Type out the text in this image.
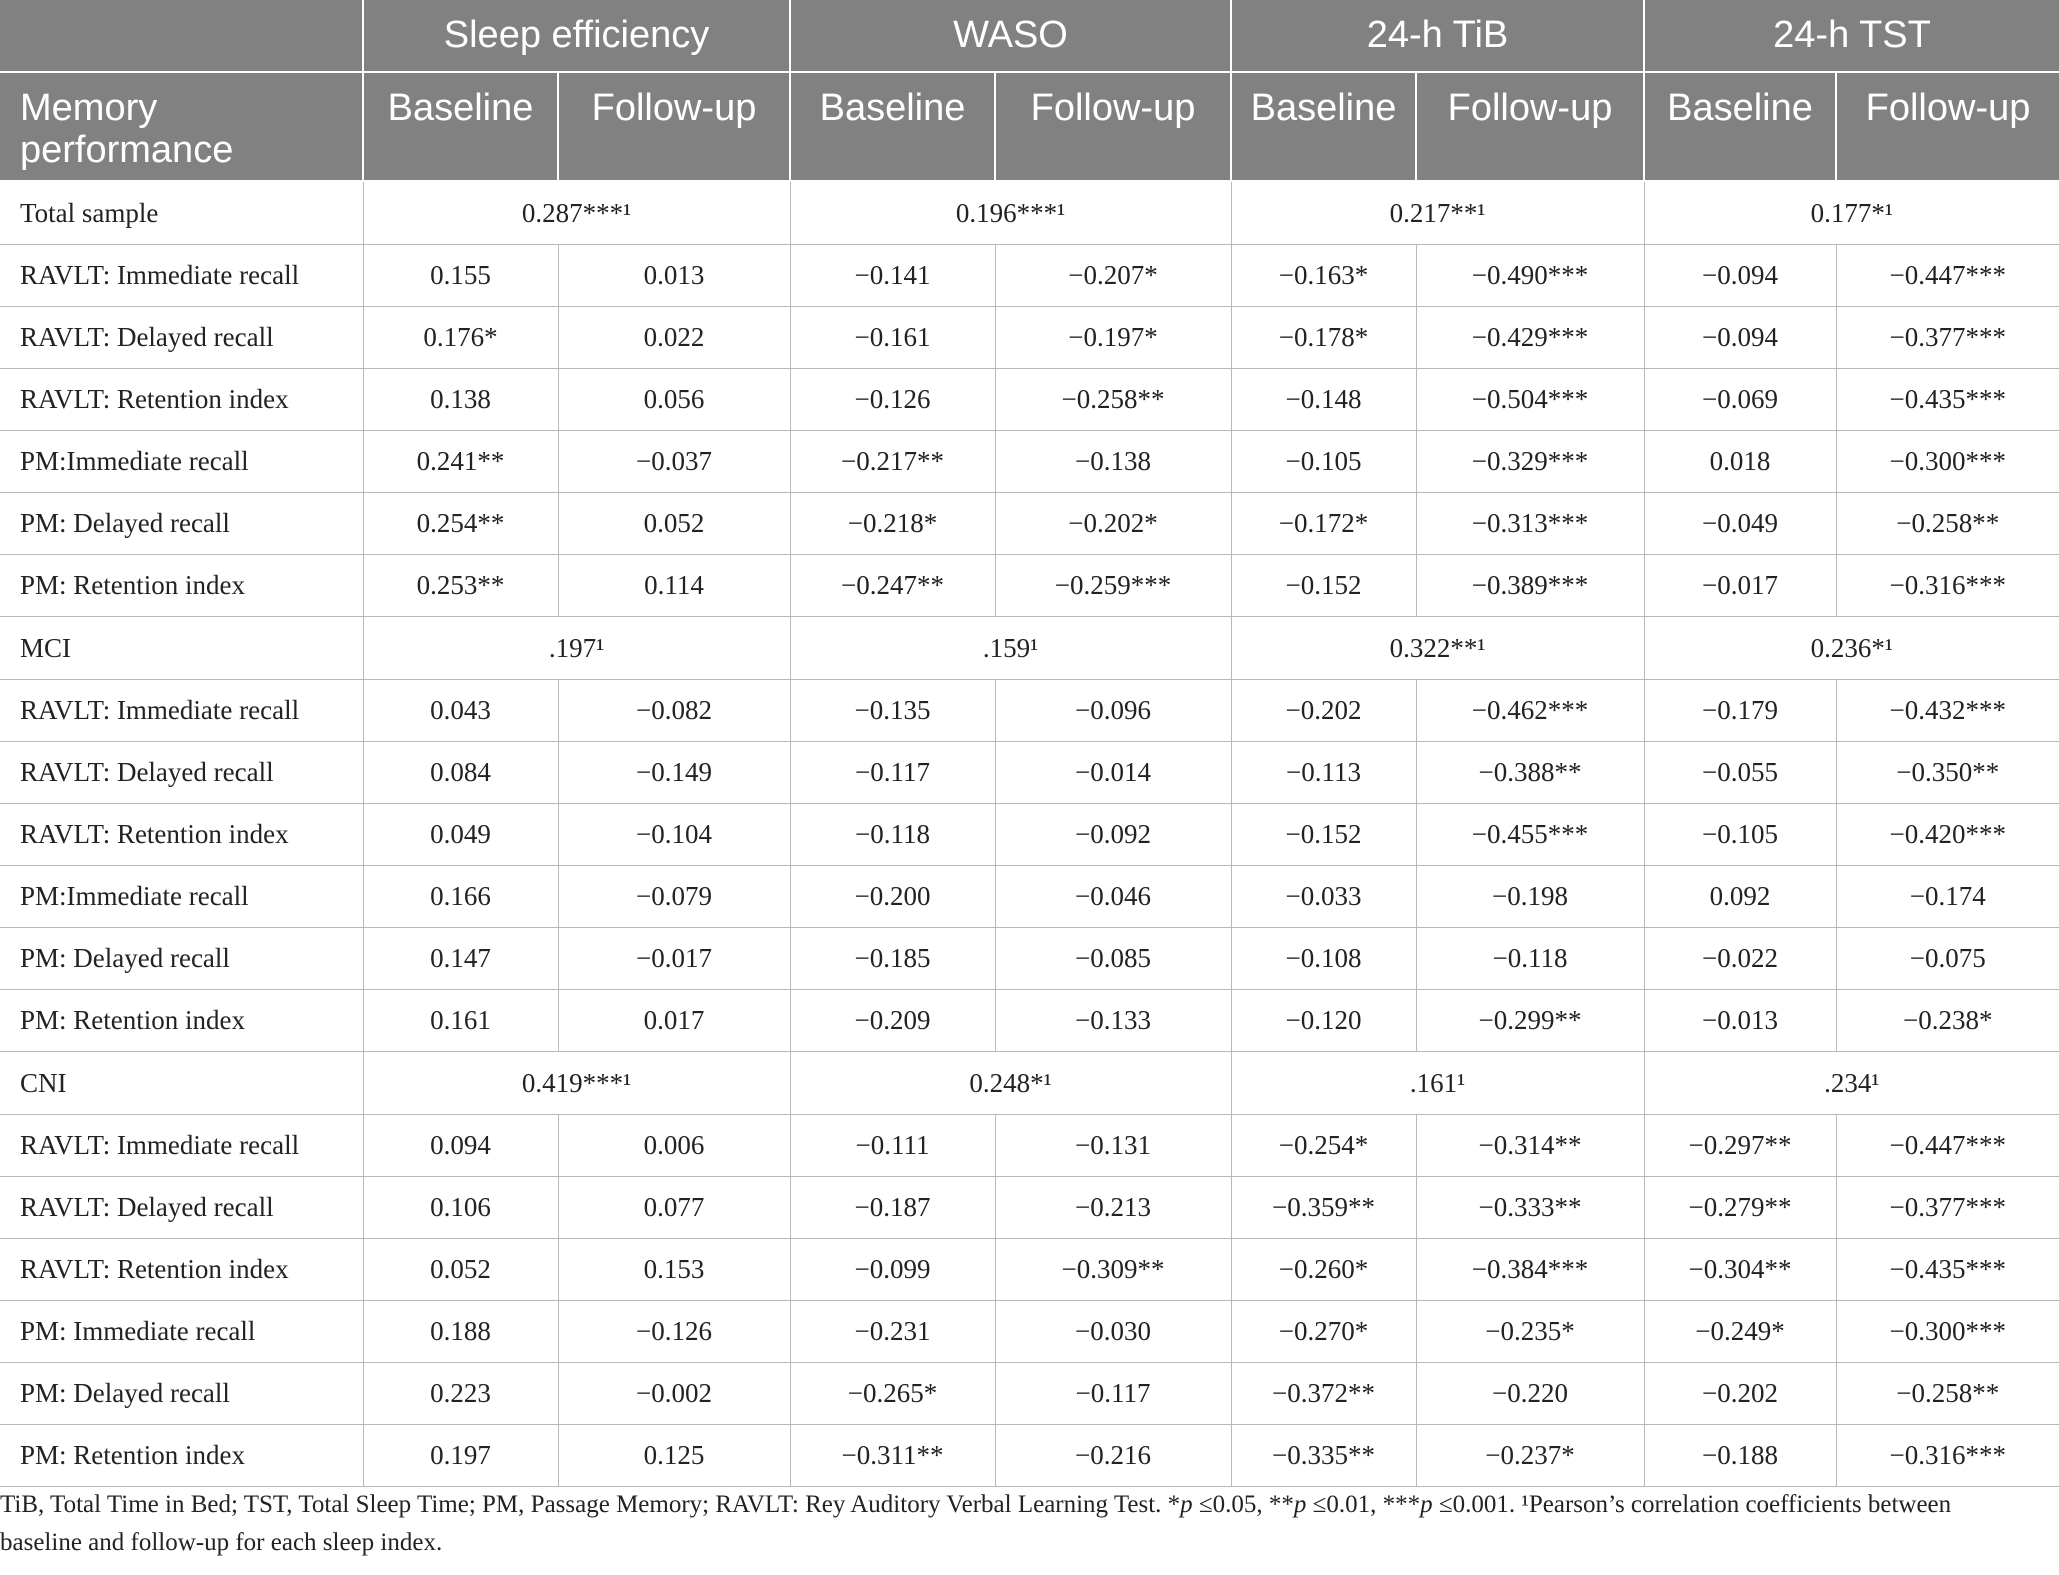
	Sleep efficiency		WASO		24-h TiB		24-h TST	
Memory performance	Baseline	Follow-up	Baseline	Follow-up	Baseline	Follow-up	Baseline	Follow-up
Total sample	0.287***¹		0.196***¹		0.217**¹		0.177*¹	
RAVLT: Immediate recall	0.155	0.013	−0.141	−0.207*	−0.163*	−0.490***	−0.094	−0.447***
RAVLT: Delayed recall	0.176*	0.022	−0.161	−0.197*	−0.178*	−0.429***	−0.094	−0.377***
RAVLT: Retention index	0.138	0.056	−0.126	−0.258**	−0.148	−0.504***	−0.069	−0.435***
PM:Immediate recall	0.241**	−0.037	−0.217**	−0.138	−0.105	−0.329***	0.018	−0.300***
PM: Delayed recall	0.254**	0.052	−0.218*	−0.202*	−0.172*	−0.313***	−0.049	−0.258**
PM: Retention index	0.253**	0.114	−0.247**	−0.259***	−0.152	−0.389***	−0.017	−0.316***
MCI	.197¹		.159¹		0.322**¹		0.236*¹	
RAVLT: Immediate recall	0.043	−0.082	−0.135	−0.096	−0.202	−0.462***	−0.179	−0.432***
RAVLT: Delayed recall	0.084	−0.149	−0.117	−0.014	−0.113	−0.388**	−0.055	−0.350**
RAVLT: Retention index	0.049	−0.104	−0.118	−0.092	−0.152	−0.455***	−0.105	−0.420***
PM:Immediate recall	0.166	−0.079	−0.200	−0.046	−0.033	−0.198	0.092	−0.174
PM: Delayed recall	0.147	−0.017	−0.185	−0.085	−0.108	−0.118	−0.022	−0.075
PM: Retention index	0.161	0.017	−0.209	−0.133	−0.120	−0.299**	−0.013	−0.238*
CNI	0.419***¹		0.248*¹		.161¹		.234¹	
RAVLT: Immediate recall	0.094	0.006	−0.111	−0.131	−0.254*	−0.314**	−0.297**	−0.447***
RAVLT: Delayed recall	0.106	0.077	−0.187	−0.213	−0.359**	−0.333**	−0.279**	−0.377***
RAVLT: Retention index	0.052	0.153	−0.099	−0.309**	−0.260*	−0.384***	−0.304**	−0.435***
PM: Immediate recall	0.188	−0.126	−0.231	−0.030	−0.270*	−0.235*	−0.249*	−0.300***
PM: Delayed recall	0.223	−0.002	−0.265*	−0.117	−0.372**	−0.220	−0.202	−0.258**
PM: Retention index	0.197	0.125	−0.311**	−0.216	−0.335**	−0.237*	−0.188	−0.316***
TiB, Total Time in Bed; TST, Total Sleep Time; PM, Passage Memory; RAVLT: Rey Auditory Verbal Learning Test. *p ≤0.05, **p ≤0.01, ***p ≤0.001. ¹Pearson’s correlation coefficients between baseline and follow-up for each sleep index.
